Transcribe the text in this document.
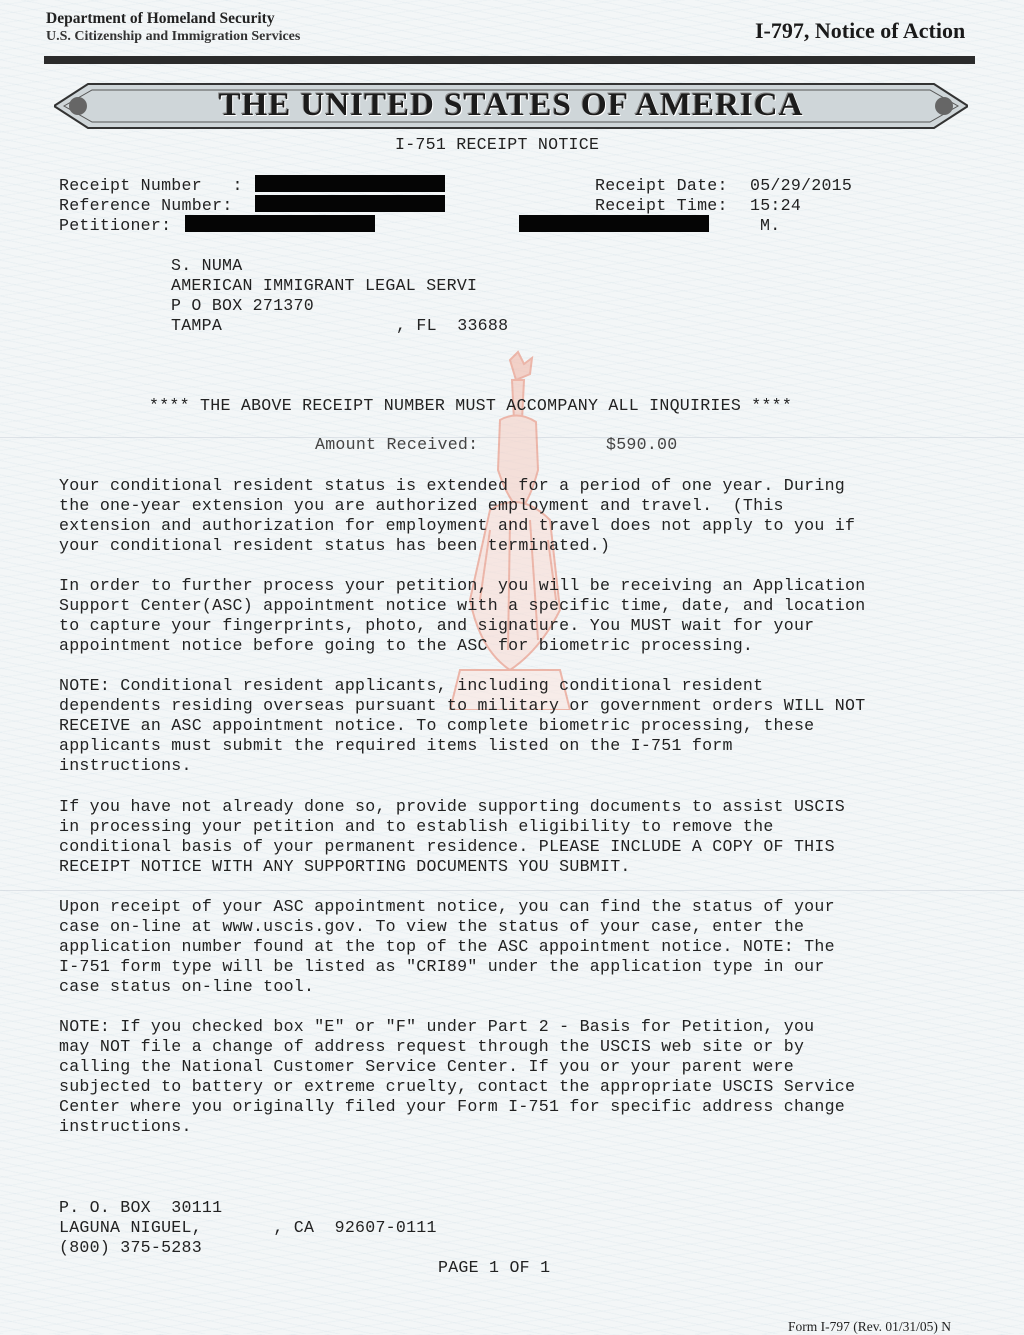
Department of Homeland Security
U.S. Citizenship and Immigration Services	I-797, Notice of Action
THE UNITED STATES OF AMERICA
I-751 RECEIPT NOTICE
Receipt Number   :
Reference Number:
Petitioner:
Receipt Date: 05/29/2015
Receipt Time: 15:24
M.
S. NUMA
AMERICAN IMMIGRANT LEGAL SERVI
P O BOX 271370
TAMPA	, FL  33688
**** THE ABOVE RECEIPT NUMBER MUST ACCOMPANY ALL INQUIRIES ****
Amount Received:	$590.00
Your conditional resident status is extended for a period of one year. During
the one-year extension you are authorized employment and travel.  (This
extension and authorization for employment and travel does not apply to you if
your conditional resident status has been terminated.)
In order to further process your petition, you will be receiving an Application
Support Center(ASC) appointment notice with a specific time, date, and location
to capture your fingerprints, photo, and signature. You MUST wait for your
appointment notice before going to the ASC for biometric processing.
NOTE: Conditional resident applicants, including conditional resident
dependents residing overseas pursuant to military or government orders WILL NOT
RECEIVE an ASC appointment notice. To complete biometric processing, these
applicants must submit the required items listed on the I-751 form
instructions.
If you have not already done so, provide supporting documents to assist USCIS
in processing your petition and to establish eligibility to remove the
conditional basis of your permanent residence. PLEASE INCLUDE A COPY OF THIS
RECEIPT NOTICE WITH ANY SUPPORTING DOCUMENTS YOU SUBMIT.
Upon receipt of your ASC appointment notice, you can find the status of your
case on-line at www.uscis.gov. To view the status of your case, enter the
application number found at the top of the ASC appointment notice. NOTE: The
I-751 form type will be listed as "CRI89" under the application type in our
case status on-line tool.
NOTE: If you checked box "E" or "F" under Part 2 - Basis for Petition, you
may NOT file a change of address request through the USCIS web site or by
calling the National Customer Service Center. If you or your parent were
subjected to battery or extreme cruelty, contact the appropriate USCIS Service
Center where you originally filed your Form I-751 for specific address change
instructions.
P. O. BOX  30111
LAGUNA NIGUEL,       , CA  92607-0111
(800) 375-5283
PAGE 1 OF 1
Form I-797 (Rev. 01/31/05) N
